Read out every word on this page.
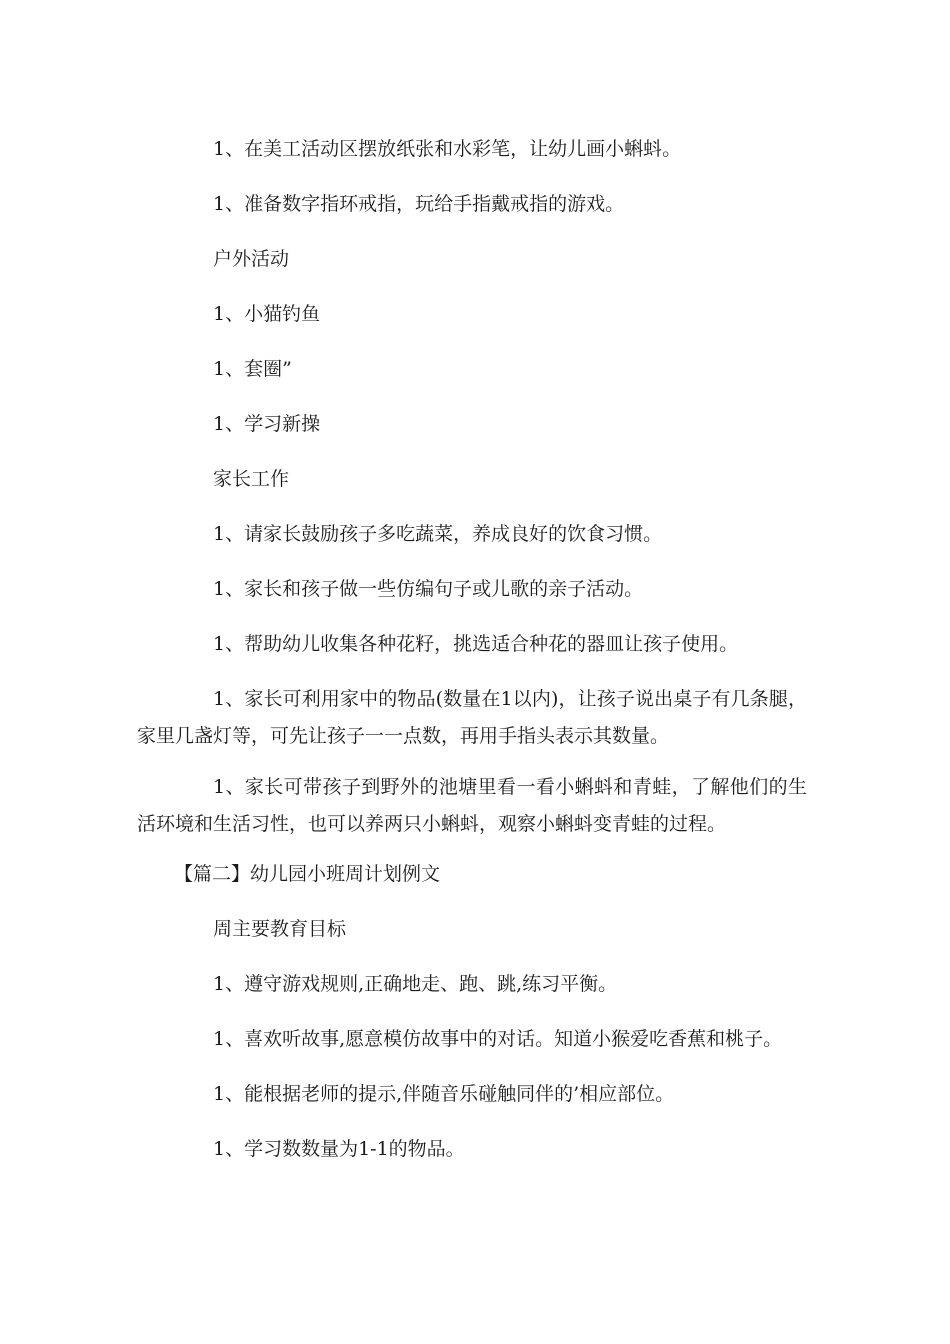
1、在美工活动区摆放纸张和水彩笔，让幼儿画小蝌蚪。
1、准备数字指环戒指，玩给手指戴戒指的游戏。
户外活动
1、小猫钓鱼
1、套圈”
1、学习新操
家长工作
1、请家长鼓励孩子多吃蔬菜，养成良好的饮食习惯。
1、家长和孩子做一些仿编句子或儿歌的亲子活动。
1、帮助幼儿收集各种花籽，挑选适合种花的器皿让孩子使用。
1、家长可利用家中的物品(数量在1以内)，让孩子说出桌子有几条腿，家里几盏灯等，可先让孩子一一点数，再用手指头表示其数量。
1、家长可带孩子到野外的池塘里看一看小蝌蚪和青蛙，了解他们的生活环境和生活习性，也可以养两只小蝌蚪，观察小蝌蚪变青蛙的过程。
【篇二】幼儿园小班周计划例文
周主要教育目标
1、遵守游戏规则,正确地走、跑、跳,练习平衡。
1、喜欢听故事,愿意模仿故事中的对话。知道小猴爱吃香蕉和桃子。
1、能根据老师的提示,伴随音乐碰触同伴的’相应部位。
1、学习数数量为1-1的物品。
